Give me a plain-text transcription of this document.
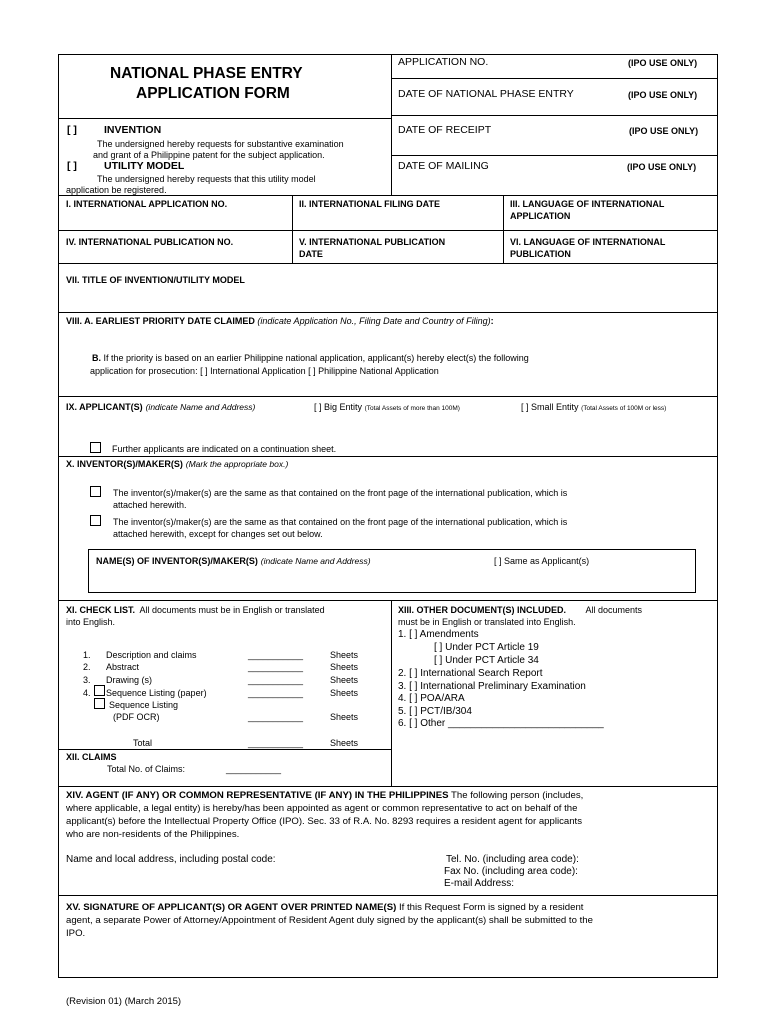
NATIONAL PHASE ENTRY
APPLICATION FORM
APPLICATION NO.	(IPO USE ONLY)
DATE OF NATIONAL PHASE ENTRY	(IPO USE ONLY)
DATE OF RECEIPT	(IPO USE ONLY)
DATE OF MAILING	(IPO USE ONLY)
[ ]	INVENTION
The undersigned hereby requests for substantive examination
and grant of a Philippine patent for the subject application.
[ ]	UTILITY MODEL
The undersigned hereby requests that this utility model
application be registered.
I. INTERNATIONAL APPLICATION NO.	II. INTERNATIONAL FILING DATE	III. LANGUAGE OF INTERNATIONAL
APPLICATION
IV. INTERNATIONAL PUBLICATION NO.	V. INTERNATIONAL PUBLICATION
DATE
VI. LANGUAGE OF INTERNATIONAL
PUBLICATION
VII. TITLE OF INVENTION/UTILITY MODEL
VIII. A. EARLIEST PRIORITY DATE CLAIMED (indicate Application No., Filing Date and Country of Filing):
B. If the priority is based on an earlier Philippine national application, applicant(s) hereby elect(s) the following
application for prosecution: [ ] International Application [ ] Philippine National Application
IX. APPLICANT(S) (indicate Name and Address)	[ ] Big Entity (Total Assets of more than 100M)	[ ] Small Entity (Total Assets of 100M or less)
Further applicants are indicated on a continuation sheet.
X. INVENTOR(S)/MAKER(S) (Mark the appropriate box.)
The inventor(s)/maker(s) are the same as that contained on the front page of the international publication, which is
attached herewith.
The inventor(s)/maker(s) are the same as that contained on the front page of the international publication, which is
attached herewith, except for changes set out below.
NAME(S) OF INVENTOR(S)/MAKER(S) (indicate Name and Address)	[ ] Same as Applicant(s)
XI. CHECK LIST. All documents must be in English or translated
into English.
1. Description and claims	___________	Sheets
2. Abstract	___________	Sheets
3. Drawing (s)	___________	Sheets
4. Sequence Listing (paper)	___________	Sheets
Sequence Listing
(PDF OCR)	___________	Sheets
Total	___________	Sheets
XII. CLAIMS
Total No. of Claims:	___________
XIII. OTHER DOCUMENT(S) INCLUDED. All documents
must be in English or translated into English.
1. [ ] Amendments
[ ] Under PCT Article 19
[ ] Under PCT Article 34
2. [ ] International Search Report
3. [ ] International Preliminary Examination
4. [ ] POA/ARA
5. [ ] PCT/IB/304
6. [ ] Other ____________________________
XIV. AGENT (IF ANY) OR COMMON REPRESENTATIVE (IF ANY) IN THE PHILIPPINES The following person (includes,
where applicable, a legal entity) is hereby/has been appointed as agent or common representative to act on behalf of the
applicant(s) before the Intellectual Property Office (IPO). Sec. 33 of R.A. No. 8293 requires a resident agent for applicants
who are non-residents of the Philippines.
Name and local address, including postal code:	Tel. No. (including area code):
Fax No. (including area code):
E-mail Address:
XV. SIGNATURE OF APPLICANT(S) OR AGENT OVER PRINTED NAME(S) If this Request Form is signed by a resident
agent, a separate Power of Attorney/Appointment of Resident Agent duly signed by the applicant(s) shall be submitted to the
IPO.
(Revision 01) (March 2015)
